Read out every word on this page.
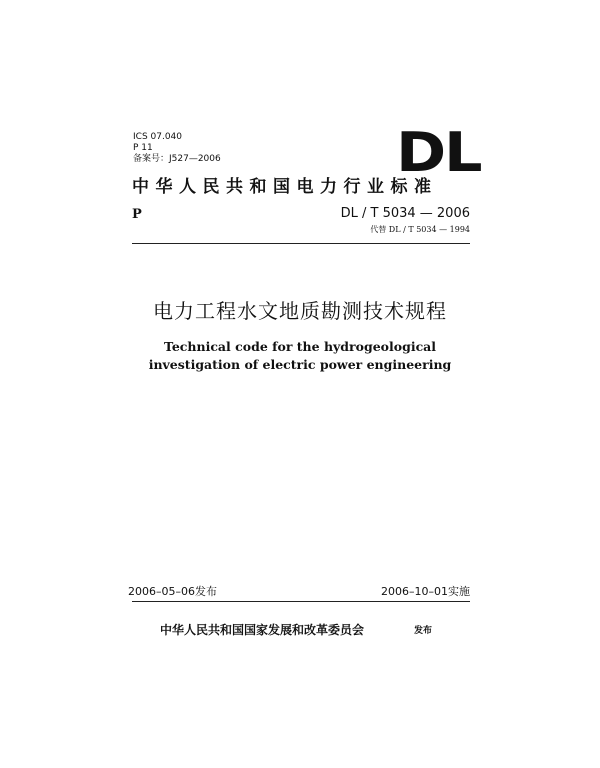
ICS 07.040
P 11
备案号：J527—2006	DL
中华人民共和国电力行业标准
P	DL / T 5034 — 2006
代替 DL / T 5034 — 1994
电力工程水文地质勘测技术规程
Technical code for the hydrogeological
investigation of electric power engineering
2006–05–06发布	2006–10–01实施
中华人民共和国国家发展和改革委员会	发布
